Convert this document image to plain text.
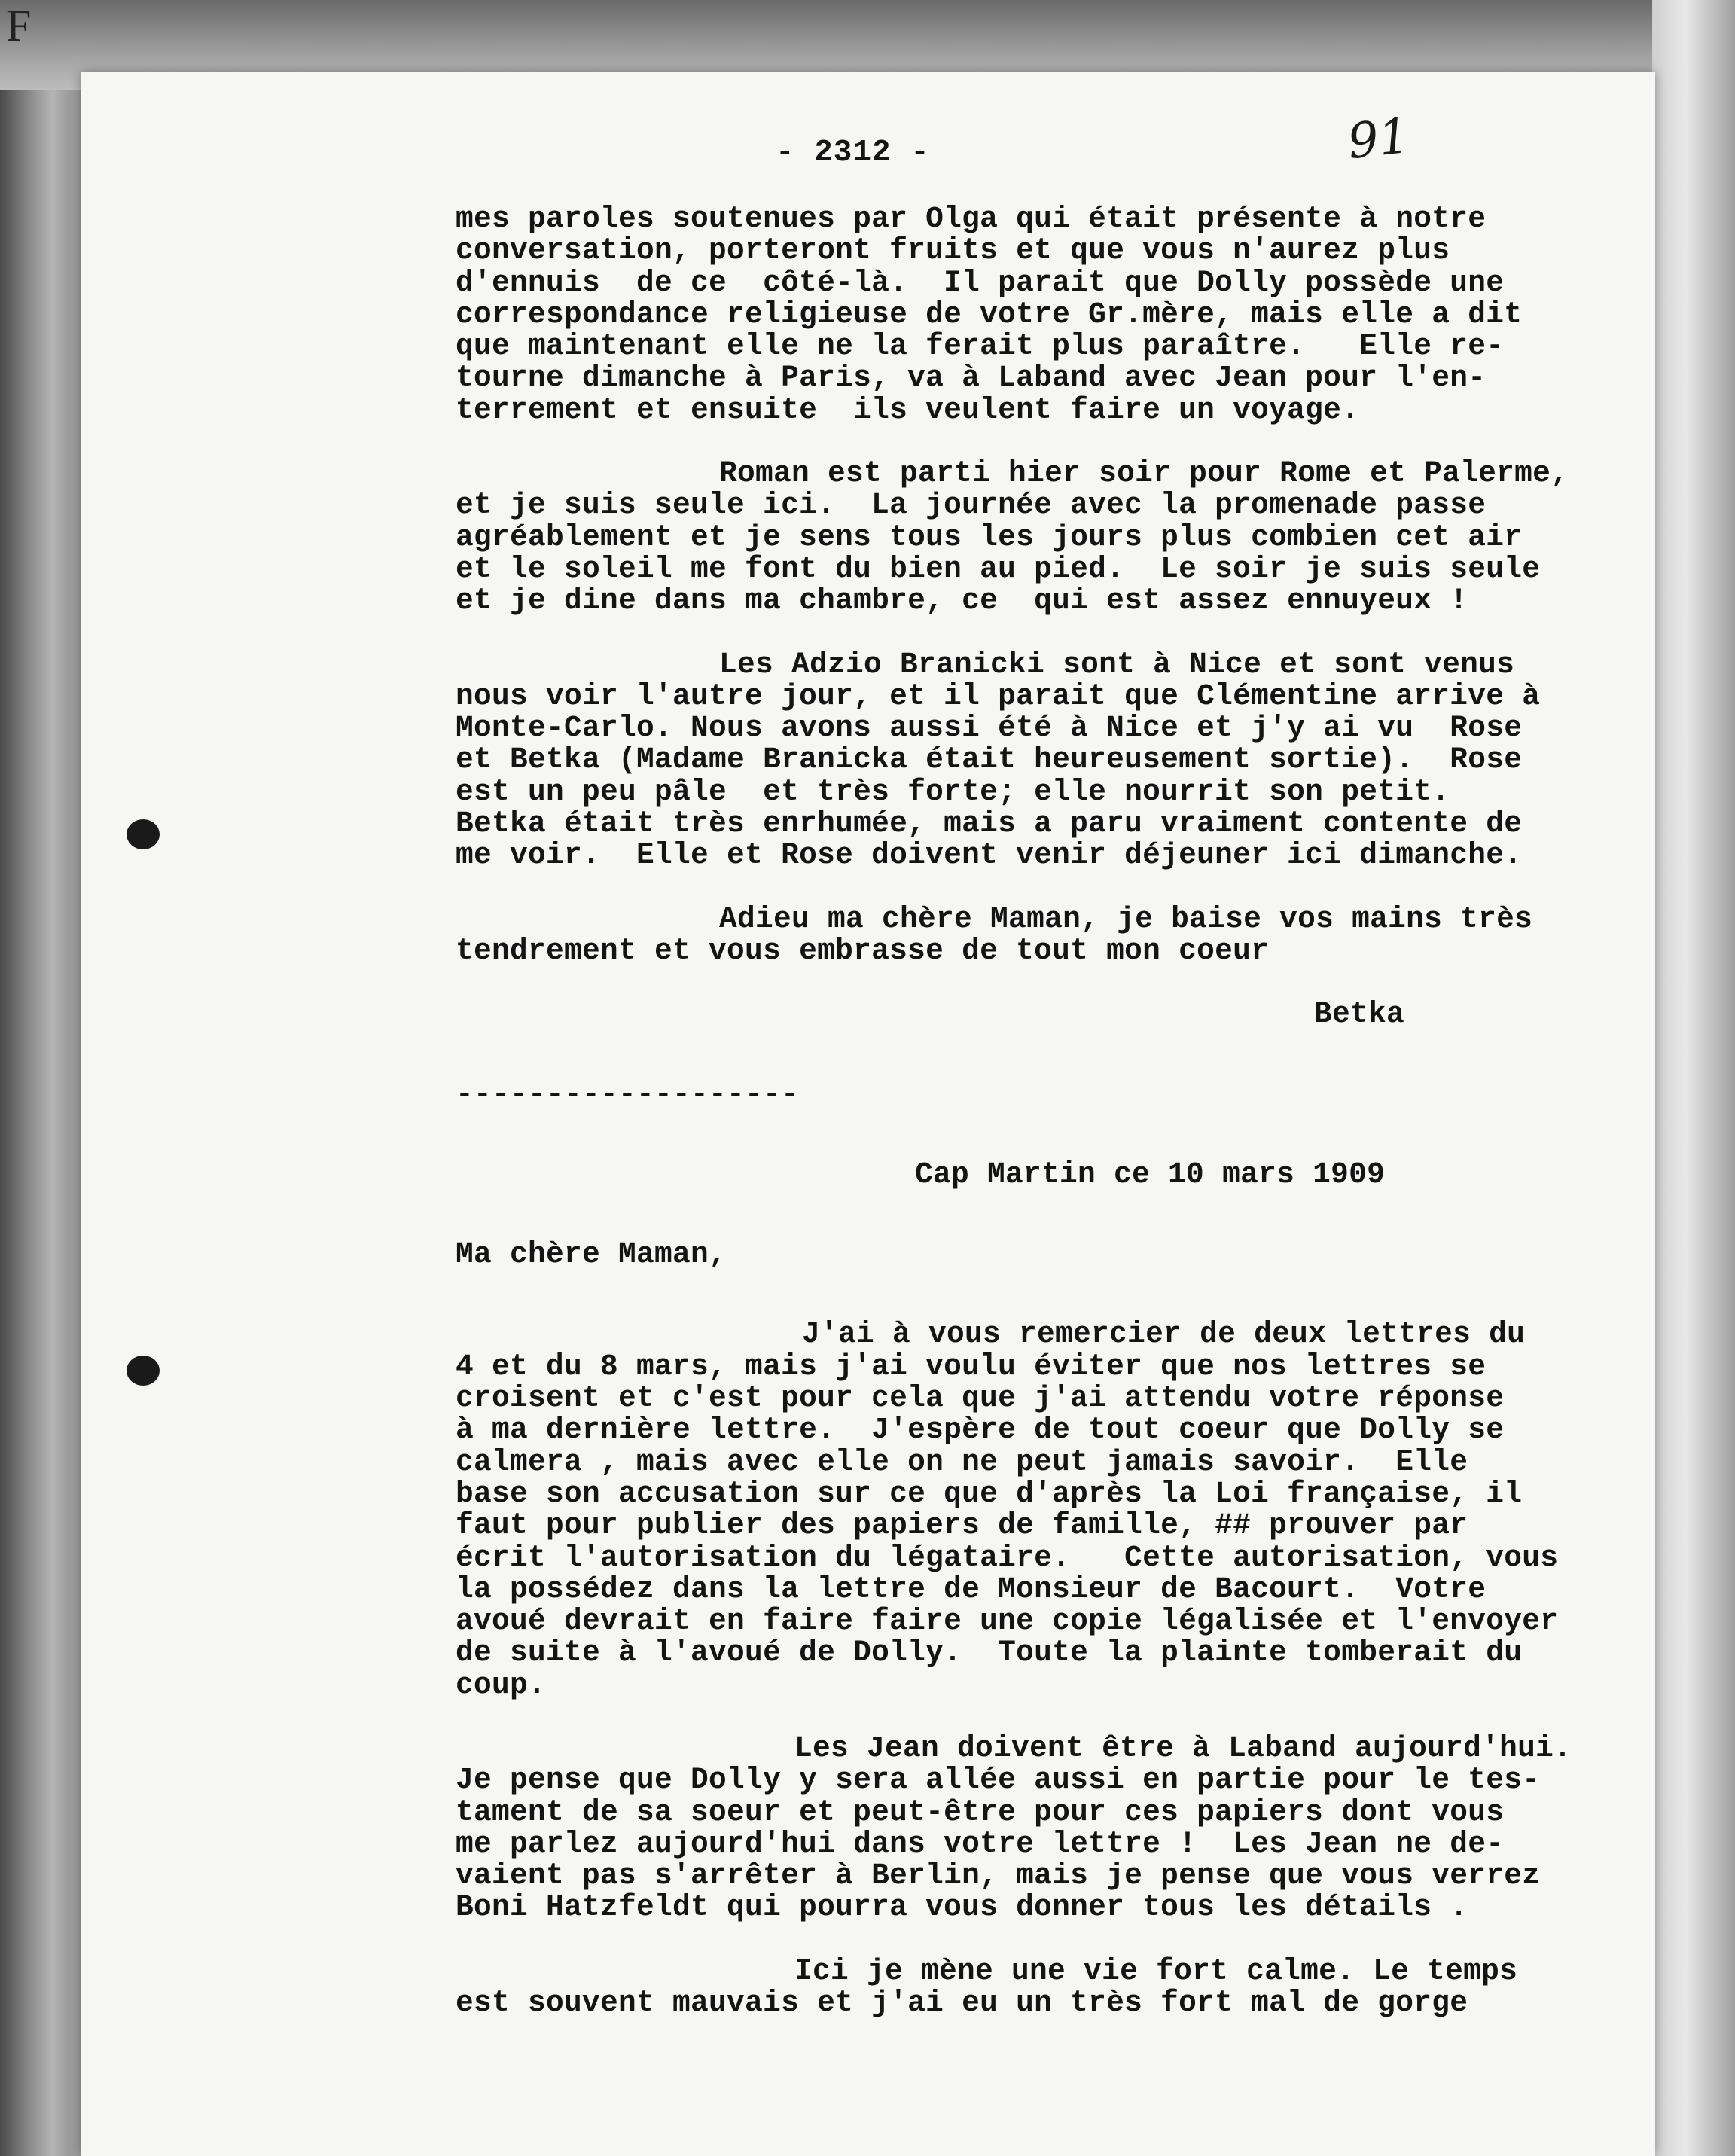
F
- 2312 -	91
mes paroles soutenues par Olga qui était présente à notre
conversation, porteront fruits et que vous n'aurez plus
d'ennuis  de ce  côté-là.  Il parait que Dolly possède une
correspondance religieuse de votre Gr.mère, mais elle a dit
que maintenant elle ne la ferait plus paraître.   Elle re-
tourne dimanche à Paris, va à Laband avec Jean pour l'en-
terrement et ensuite  ils veulent faire un voyage.
Roman est parti hier soir pour Rome et Palerme,
et je suis seule ici.  La journée avec la promenade passe
agréablement et je sens tous les jours plus combien cet air
et le soleil me font du bien au pied.  Le soir je suis seule
et je dine dans ma chambre, ce  qui est assez ennuyeux !
Les Adzio Branicki sont à Nice et sont venus
nous voir l'autre jour, et il parait que Clémentine arrive à
Monte-Carlo. Nous avons aussi été à Nice et j'y ai vu  Rose
et Betka (Madame Branicka était heureusement sortie).  Rose
est un peu pâle  et très forte; elle nourrit son petit.
Betka était très enrhumée, mais a paru vraiment contente de
me voir.  Elle et Rose doivent venir déjeuner ici dimanche.
Adieu ma chère Maman, je baise vos mains très
tendrement et vous embrasse de tout mon coeur
Betka
-------------------
Cap Martin ce 10 mars 1909
Ma chère Maman,
J'ai à vous remercier de deux lettres du
4 et du 8 mars, mais j'ai voulu éviter que nos lettres se
croisent et c'est pour cela que j'ai attendu votre réponse
à ma dernière lettre.  J'espère de tout coeur que Dolly se
calmera , mais avec elle on ne peut jamais savoir.  Elle
base son accusation sur ce que d'après la Loi française, il
faut pour publier des papiers de famille, ## prouver par
écrit l'autorisation du légataire.   Cette autorisation, vous
la possédez dans la lettre de Monsieur de Bacourt.  Votre
avoué devrait en faire faire une copie légalisée et l'envoyer
de suite à l'avoué de Dolly.  Toute la plainte tomberait du
coup.
Les Jean doivent être à Laband aujourd'hui.
Je pense que Dolly y sera allée aussi en partie pour le tes-
tament de sa soeur et peut-être pour ces papiers dont vous
me parlez aujourd'hui dans votre lettre !  Les Jean ne de-
vaient pas s'arrêter à Berlin, mais je pense que vous verrez
Boni Hatzfeldt qui pourra vous donner tous les détails .
Ici je mène une vie fort calme. Le temps
est souvent mauvais et j'ai eu un très fort mal de gorge
